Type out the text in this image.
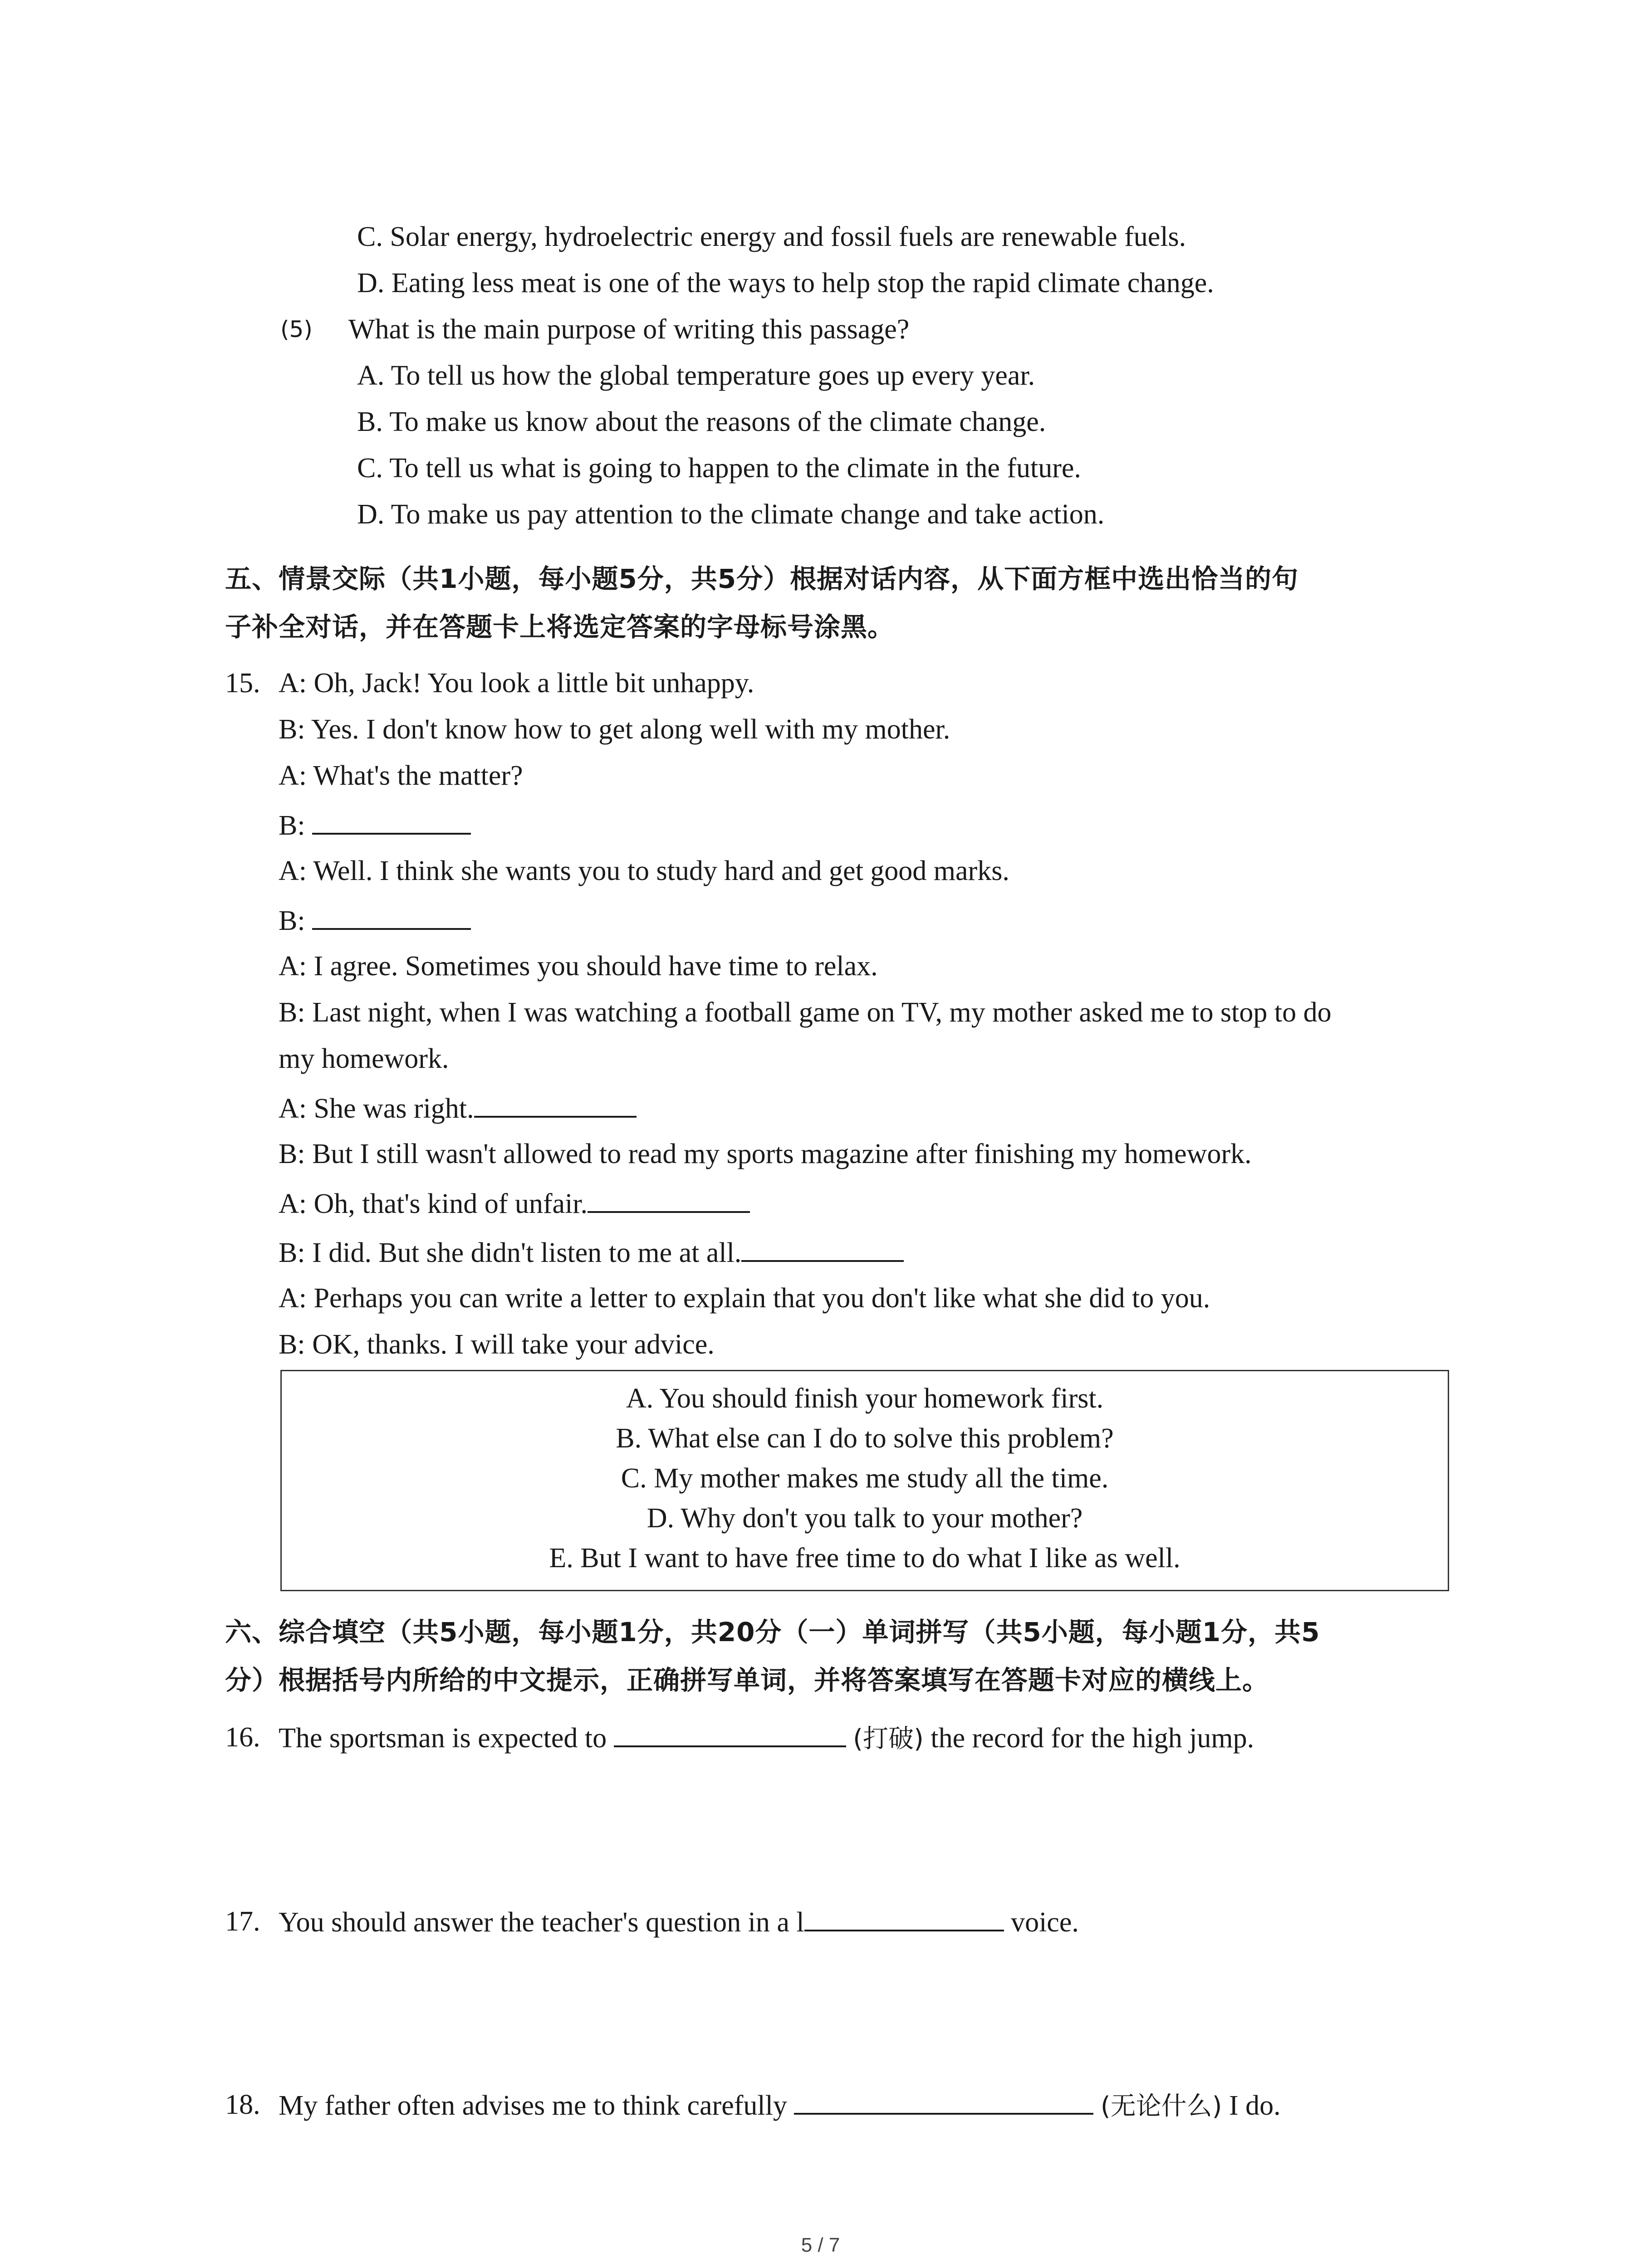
C. Solar energy, hydroelectric energy and fossil fuels are renewable fuels.
D. Eating less meat is one of the ways to help stop the rapid climate change.
(5) What is the main purpose of writing this passage?
A. To tell us how the global temperature goes up every year.
B. To make us know about the reasons of the climate change.
C. To tell us what is going to happen to the climate in the future.
D. To make us pay attention to the climate change and take action.
五、情景交际（共1小题，每小题5分，共5分）根据对话内容，从下面方框中选出恰当的句
子补全对话，并在答题卡上将选定答案的字母标号涂黑。
15. A: Oh, Jack! You look a little bit unhappy.
B: Yes. I don't know how to get along well with my mother.
A: What's the matter?
B:
A: Well. I think she wants you to study hard and get good marks.
B:
A: I agree. Sometimes you should have time to relax.
B: Last night, when I was watching a football game on TV, my mother asked me to stop to do
my homework.
A: She was right.
B: But I still wasn't allowed to read my sports magazine after finishing my homework.
A: Oh, that's kind of unfair.
B: I did. But she didn't listen to me at all.
A: Perhaps you can write a letter to explain that you don't like what she did to you.
B: OK, thanks. I will take your advice.
A. You should finish your homework first.
B. What else can I do to solve this problem?
C. My mother makes me study all the time.
D. Why don't you talk to your mother?
E. But I want to have free time to do what I like as well.
六、综合填空（共5小题，每小题1分，共20分（一）单词拼写（共5小题，每小题1分，共5
分）根据括号内所给的中文提示，正确拼写单词，并将答案填写在答题卡对应的横线上。
16. The sportsman is expected to	(打破) the record for the high jump.
17. You should answer the teacher's question in a l	voice.
18. My father often advises me to think carefully	(无论什么) I do.
5 / 7
